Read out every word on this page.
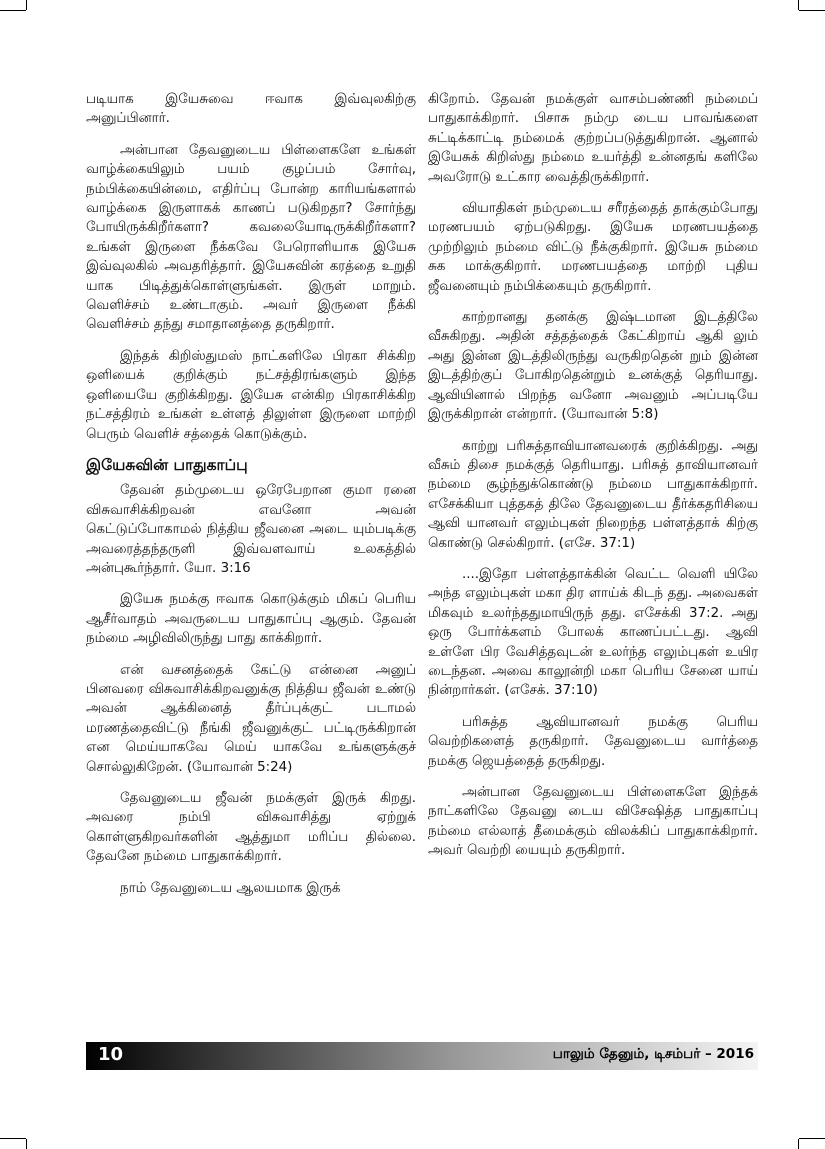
படியாக இயேசுவை ஈவாக இவ்வுலகிற்கு அனுப்பினார்.

அன்பான தேவனுடைய பிள்ளைகளே உங்கள் வாழ்க்கையிலும் பயம் குழப்பம் சோர்வு, நம்பிக்கையின்மை, எதிர்ப்பு போன்ற காரியங்களால் வாழ்க்கை இருளாகக் காணப் படுகிறதா? சோர்ந்து போயிருக்கிறீர்களா? கவலையோடிருக்கிறீர்களா? உங்கள் இருளை நீக்கவே பேரொளியாக இயேசு இவ்வுலகில் அவதரித்தார். இயேசுவின் கரத்தை உறுதி யாக பிடித்துக்கொள்ளுங்கள். இருள் மாறும். வெளிச்சம் உண்டாகும். அவர் இருளை நீக்கி வெளிச்சம் தந்து சமாதானத்தை தருகிறார்.

இந்தக் கிறிஸ்துமஸ் நாட்களிலே பிரகா சிக்கிற ஒளியைக் குறிக்கும் நட்சத்திரங்களும் இந்த ஒளியையே குறிக்கிறது. இயேசு என்கிற பிரகாசிக்கிற நட்சத்திரம் உங்கள் உள்ளத் திலுள்ள இருளை மாற்றி பெரும் வெளிச் சத்தைக் கொடுக்கும்.

இயேசுவின் பாதுகாப்பு

தேவன் தம்முடைய ஒரேபேறான குமா ரனை விசுவாசிக்கிறவன் எவனோ அவன் கெட்டுப்போகாமல் நித்திய ஜீவனை அடை யும்படிக்கு அவரைத்தந்தருளி இவ்வளவாய் உலகத்தில் அன்புகூர்ந்தார். யோ. 3:16

இயேசு நமக்கு ஈவாக கொடுக்கும் மிகப் பெரிய ஆசீர்வாதம் அவருடைய பாதுகாப்பு ஆகும். தேவன் நம்மை அழிவிலிருந்து பாது காக்கிறார்.

என் வசனத்தைக் கேட்டு என்னை அனுப் பினவரை விசுவாசிக்கிறவனுக்கு நித்திய ஜீவன் உண்டு அவன் ஆக்கினைத் தீர்ப்புக்குட் படாமல் மரணத்தைவிட்டு நீங்கி ஜீவனுக்குட் பட்டிருக்கிறான் என மெய்யாகவே மெய் யாகவே உங்களுக்குச் சொல்லுகிறேன். (யோவான் 5:24)

தேவனுடைய ஜீவன் நமக்குள் இருக் கிறது. அவரை நம்பி விசுவாசித்து ஏற்றுக் கொள்ளுகிறவர்களின் ஆத்துமா மரிப்ப தில்லை. தேவனே நம்மை பாதுகாக்கிறார்.

நாம் தேவனுடைய ஆலயமாக இருக்

கிறோம். தேவன் நமக்குள் வாசம்பண்ணி நம்மைப் பாதுகாக்கிறார். பிசாசு நம்மு டைய பாவங்களை சுட்டிக்காட்டி நம்மைக் குற்றப்படுத்துகிறான். ஆனால் இயேசுக் கிறிஸ்து நம்மை உயர்த்தி உன்னதங் களிலே அவரோடு உட்கார வைத்திருக்கிறார்.

வியாதிகள் நம்முடைய சரீரத்தைத் தாக்கும்போது மரணபயம் ஏற்படுகிறது. இயேசு மரணபயத்தை முற்றிலும் நம்மை விட்டு நீக்குகிறார். இயேசு நம்மை சுக மாக்குகிறார். மரணபயத்தை மாற்றி புதிய ஜீவனையும் நம்பிக்கையும் தருகிறார்.

காற்றானது தனக்கு இஷ்டமான இடத்திலே வீசுகிறது. அதின் சத்தத்தைக் கேட்கிறாய் ஆகி லும் அது இன்ன இடத்திலிருந்து வருகிறதென் றும் இன்ன இடத்திற்குப் போகிறதென்றும் உனக்குத் தெரியாது. ஆவியினால் பிறந்த வனோ அவனும் அப்படியே இருக்கிறான் என்றார். (யோவான் 5:8)

காற்று பரிசுத்தாவியானவரைக் குறிக்கிறது. அது வீசும் திசை நமக்குத் தெரியாது. பரிசுத் தாவியானவர் நம்மை சூழ்ந்துக்கொண்டு நம்மை பாதுகாக்கிறார். எசேக்கியா புத்தகத் திலே தேவனுடைய தீர்க்கதரிசியை ஆவி யானவர் எலும்புகள் நிறைந்த பள்ளத்தாக் கிற்கு கொண்டு செல்கிறார். (எசே. 37:1)

....இதோ பள்ளத்தாக்கின் வெட்ட வெளி யிலே அந்த எலும்புகள் மகா திர ளாய்க் கிடந் தது. அவைகள் மிகவும் உலர்ந்ததுமாயிருந் தது. எசேக்கி 37:2. அது ஒரு போர்க்களம் போலக் காணப்பட்டது. ஆவி உள்ளே பிர வேசித்தவுடன் உலர்ந்த எலும்புகள் உயிர டைந்தன. அவை காலூன்றி மகா பெரிய சேனை யாய் நின்றார்கள். (எசேக். 37:10)

பரிசுத்த ஆவியானவர் நமக்கு பெரிய வெற்றிகளைத் தருகிறார். தேவனுடைய வார்த்தை நமக்கு ஜெயத்தைத் தருகிறது.

அன்பான தேவனுடைய பிள்ளைகளே இந்தக் நாட்களிலே தேவனு டைய விசேஷித்த பாதுகாப்பு நம்மை எல்லாத் தீமைக்கும் விலக்கிப் பாதுகாக்கிறார். அவர் வெற்றி யையும் தருகிறார்.

10	பாலும் தேனும், டிசம்பர் – 2016
